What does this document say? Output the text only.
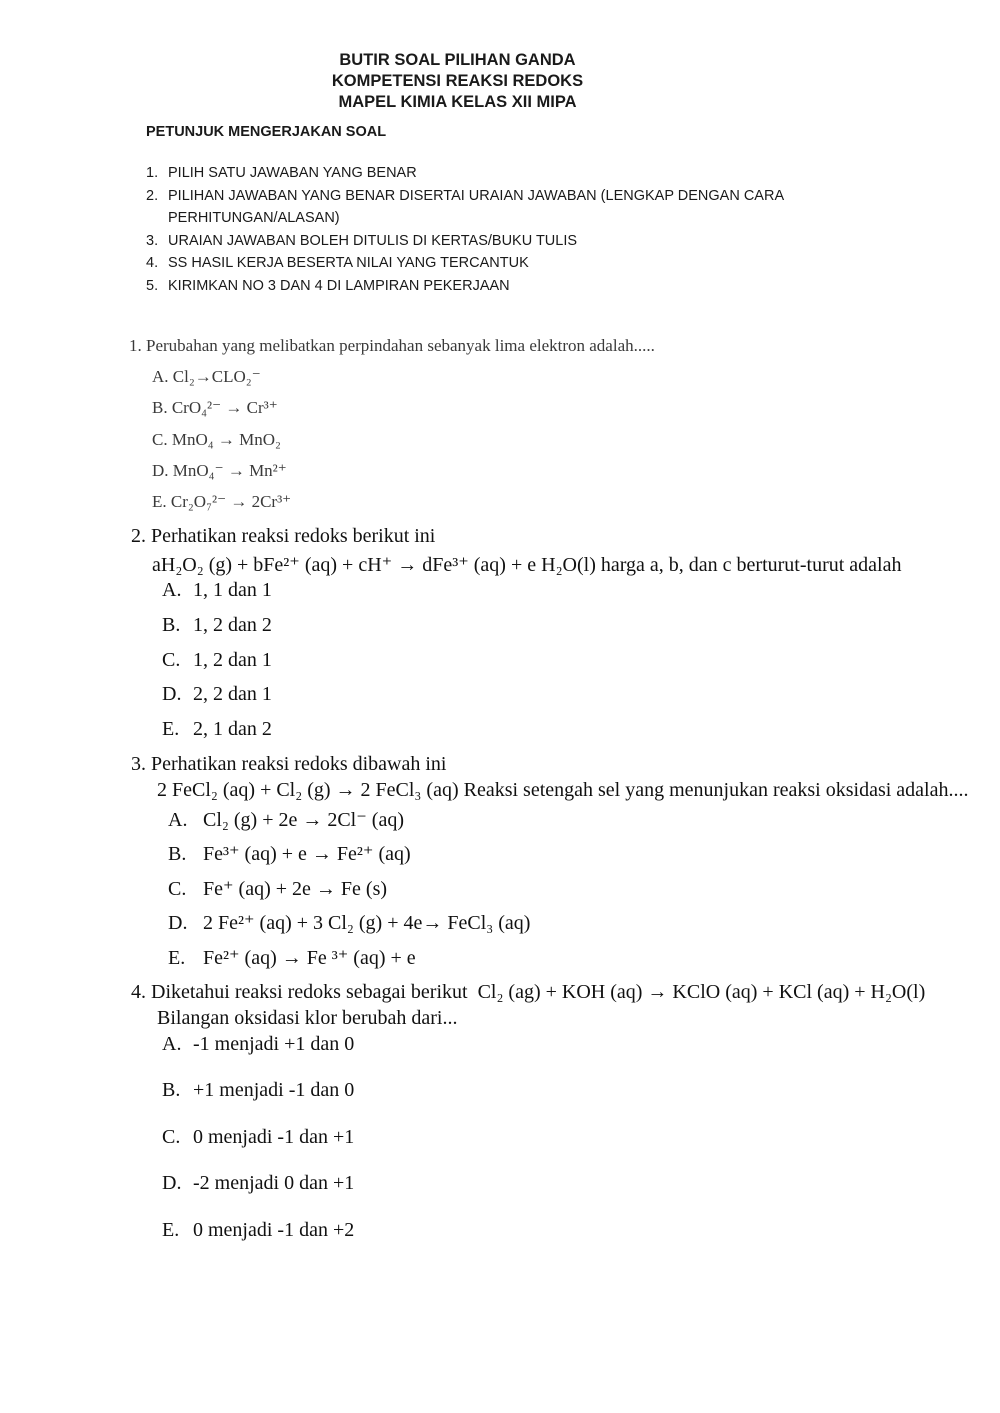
BUTIR SOAL PILIHAN GANDA
KOMPETENSI REAKSI REDOKS
MAPEL KIMIA KELAS XII MIPA
PETUNJUK MENGERJAKAN SOAL
1. PILIH SATU JAWABAN YANG BENAR
2. PILIHAN JAWABAN YANG BENAR DISERTAI URAIAN JAWABAN (LENGKAP DENGAN CARA PERHITUNGAN/ALASAN)
3. URAIAN JAWABAN BOLEH DITULIS DI KERTAS/BUKU TULIS
4. SS HASIL KERJA BESERTA NILAI YANG TERCANTUK
5. KIRIMKAN NO 3 DAN 4 DI LAMPIRAN PEKERJAAN
1. Perubahan yang melibatkan perpindahan sebanyak lima elektron adalah.....
A. Cl₂→CLO₂⁻
B. CrO₄²⁻ → Cr³⁺
C. MnO₄ → MnO₂
D. MnO₄⁻ → Mn²⁺
E. Cr₂O₇²⁻ → 2Cr³⁺
2. Perhatikan reaksi redoks berikut ini
aH₂O₂ (g) + bFe²⁺ (aq) + cH⁺ → dFe³⁺ (aq) + e H₂O(l) harga a, b, dan c berturut-turut adalah
A. 1, 1 dan 1
B. 1, 2 dan 2
C. 1, 2 dan 1
D. 2, 2 dan 1
E. 2, 1 dan 2
3. Perhatikan reaksi redoks dibawah ini
2 FeCl₂ (aq) + Cl₂ (g) → 2 FeCl₃ (aq) Reaksi setengah sel yang menunjukan reaksi oksidasi adalah....
A. Cl₂ (g) + 2e → 2Cl⁻ (aq)
B. Fe³⁺ (aq) + e → Fe²⁺ (aq)
C. Fe⁺ (aq) + 2e → Fe (s)
D. 2 Fe²⁺ (aq) + 3 Cl₂ (g) + 4e→ FeCl₃ (aq)
E. Fe²⁺ (aq) → Fe ³⁺ (aq) + e
4. Diketahui reaksi redoks sebagai berikut Cl₂ (ag) + KOH (aq) → KClO (aq) + KCl (aq) + H₂O(l)
Bilangan oksidasi klor berubah dari...
A. -1 menjadi +1 dan 0
B. +1 menjadi -1 dan 0
C. 0 menjadi -1 dan +1
D. -2 menjadi 0 dan +1
E. 0 menjadi -1 dan +2
